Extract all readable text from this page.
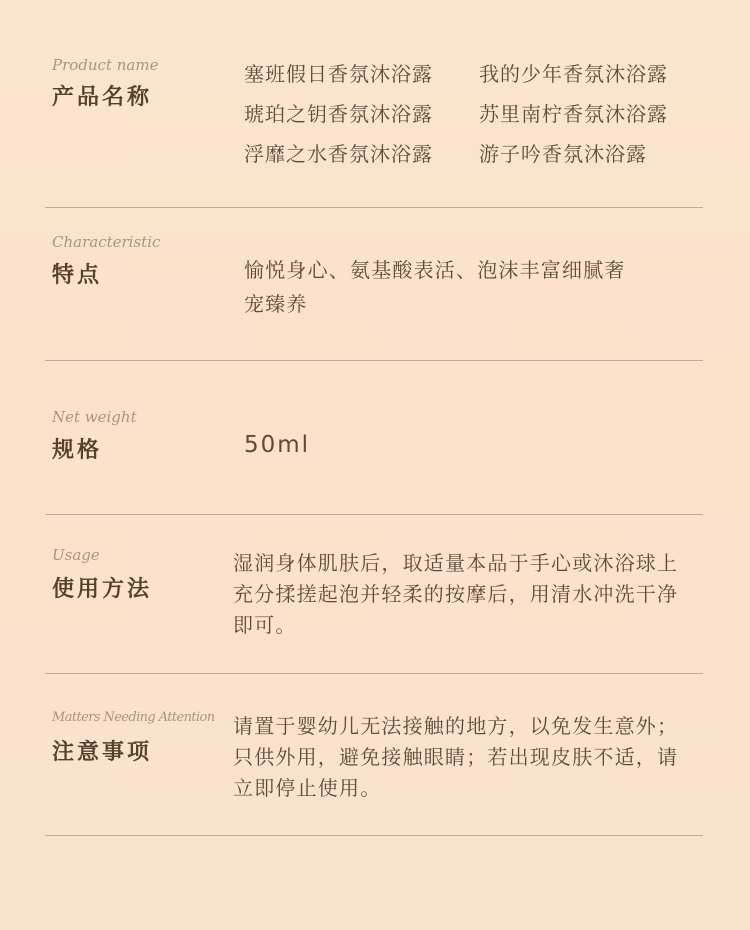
Product name
产品名称
塞班假日香氛沐浴露 我的少年香氛沐浴露
琥珀之钥香氛沐浴露 苏里南柠香氛沐浴露
浮靡之水香氛沐浴露 游子吟香氛沐浴露
Characteristic
特点	愉悦身心、氨基酸表活、泡沫丰富细腻奢
宠臻养
Net weight
规格	50ml
Usage
使用方法
湿润身体肌肤后，取适量本品于手心或沐浴球上
充分揉搓起泡并轻柔的按摩后，用清水冲洗干净
即可。
Matters Needing Attention
注意事项
请置于婴幼儿无法接触的地方，以免发生意外；
只供外用，避免接触眼睛；若出现皮肤不适，请
立即停止使用。
